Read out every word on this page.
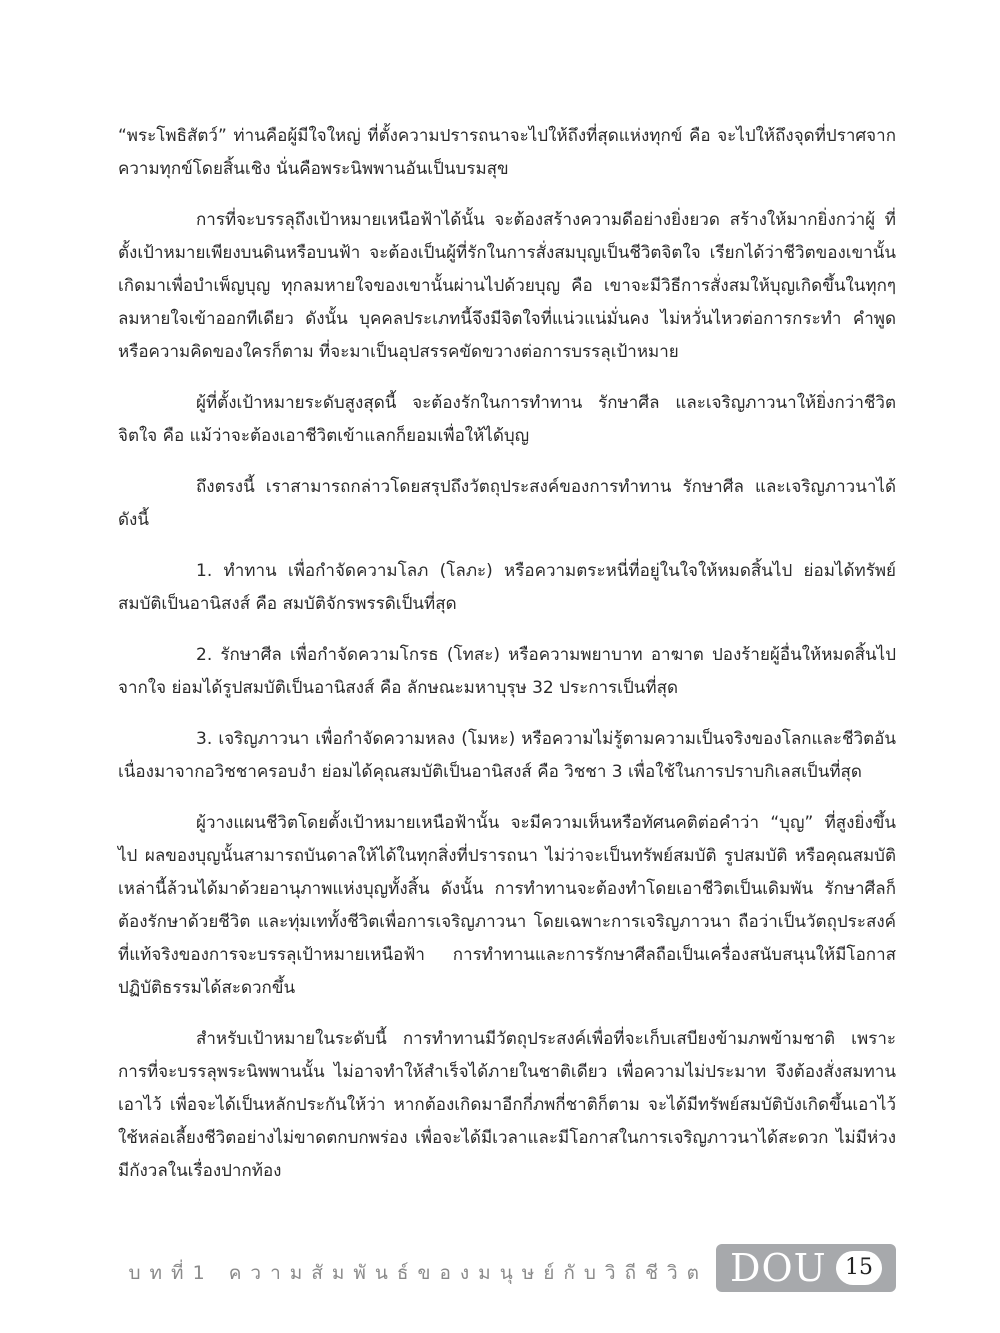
“พระโพธิสัตว์” ท่านคือผู้มีใจใหญ่ ที่ตั้งความปรารถนาจะไปให้ถึงที่สุดแห่งทุกข์ คือ จะไปให้ถึงจุดที่ปราศจากความทุกข์โดยสิ้นเชิง นั่นคือพระนิพพานอันเป็นบรมสุข

การที่จะบรรลุถึงเป้าหมายเหนือฟ้าได้นั้น จะต้องสร้างความดีอย่างยิ่งยวด สร้างให้มากยิ่งกว่าผู้ ที่ตั้งเป้าหมายเพียงบนดินหรือบนฟ้า จะต้องเป็นผู้ที่รักในการสั่งสมบุญเป็นชีวิตจิตใจ เรียกได้ว่าชีวิตของเขานั้นเกิดมาเพื่อบำเพ็ญบุญ ทุกลมหายใจของเขานั้นผ่านไปด้วยบุญ คือ เขาจะมีวิธีการสั่งสมให้บุญเกิดขึ้นในทุกๆ ลมหายใจเข้าออกทีเดียว ดังนั้น บุคคลประเภทนี้จึงมีจิตใจที่แน่วแน่มั่นคง ไม่หวั่นไหวต่อการกระทำ คำพูด หรือความคิดของใครก็ตาม ที่จะมาเป็นอุปสรรคขัดขวางต่อการบรรลุเป้าหมาย

ผู้ที่ตั้งเป้าหมายระดับสูงสุดนี้ จะต้องรักในการทำทาน รักษาศีล และเจริญภาวนาให้ยิ่งกว่าชีวิตจิตใจ คือ แม้ว่าจะต้องเอาชีวิตเข้าแลกก็ยอมเพื่อให้ได้บุญ

ถึงตรงนี้ เราสามารถกล่าวโดยสรุปถึงวัตถุประสงค์ของการทำทาน รักษาศีล และเจริญภาวนาได้ดังนี้

1. ทำทาน เพื่อกำจัดความโลภ (โลภะ) หรือความตระหนี่ที่อยู่ในใจให้หมดสิ้นไป ย่อมได้ทรัพย์สมบัติเป็นอานิสงส์ คือ สมบัติจักรพรรดิเป็นที่สุด

2. รักษาศีล เพื่อกำจัดความโกรธ (โทสะ) หรือความพยาบาท อาฆาต ปองร้ายผู้อื่นให้หมดสิ้นไปจากใจ ย่อมได้รูปสมบัติเป็นอานิสงส์ คือ ลักษณะมหาบุรุษ 32 ประการเป็นที่สุด

3. เจริญภาวนา เพื่อกำจัดความหลง (โมหะ) หรือความไม่รู้ตามความเป็นจริงของโลกและชีวิตอันเนื่องมาจากอวิชชาครอบงำ ย่อมได้คุณสมบัติเป็นอานิสงส์ คือ วิชชา 3 เพื่อใช้ในการปราบกิเลสเป็นที่สุด

ผู้วางแผนชีวิตโดยตั้งเป้าหมายเหนือฟ้านั้น จะมีความเห็นหรือทัศนคติต่อคำว่า “บุญ” ที่สูงยิ่งขึ้นไป ผลของบุญนั้นสามารถบันดาลให้ได้ในทุกสิ่งที่ปรารถนา ไม่ว่าจะเป็นทรัพย์สมบัติ รูปสมบัติ หรือคุณสมบัติ เหล่านี้ล้วนได้มาด้วยอานุภาพแห่งบุญทั้งสิ้น ดังนั้น การทำทานจะต้องทำโดยเอาชีวิตเป็นเดิมพัน รักษาศีลก็ต้องรักษาด้วยชีวิต และทุ่มเททั้งชีวิตเพื่อการเจริญภาวนา โดยเฉพาะการเจริญภาวนา ถือว่าเป็นวัตถุประสงค์ที่แท้จริงของการจะบรรลุเป้าหมายเหนือฟ้า การทำทานและการรักษาศีลถือเป็นเครื่องสนับสนุนให้มีโอกาสปฏิบัติธรรมได้สะดวกขึ้น

สำหรับเป้าหมายในระดับนี้ การทำทานมีวัตถุประสงค์เพื่อที่จะเก็บเสบียงข้ามภพข้ามชาติ เพราะการที่จะบรรลุพระนิพพานนั้น ไม่อาจทำให้สำเร็จได้ภายในชาติเดียว เพื่อความไม่ประมาท จึงต้องสั่งสมทานเอาไว้ เพื่อจะได้เป็นหลักประกันให้ว่า หากต้องเกิดมาอีกกี่ภพกี่ชาติก็ตาม จะได้มีทรัพย์สมบัติบังเกิดขึ้นเอาไว้ใช้หล่อเลี้ยงชีวิตอย่างไม่ขาดตกบกพร่อง เพื่อจะได้มีเวลาและมีโอกาสในการเจริญภาวนาได้สะดวก ไม่มีห่วงมีกังวลในเรื่องปากท้อง

บทที่1 ความสัมพันธ์ของมนุษย์กับวิถีชีวิต DOU 15
